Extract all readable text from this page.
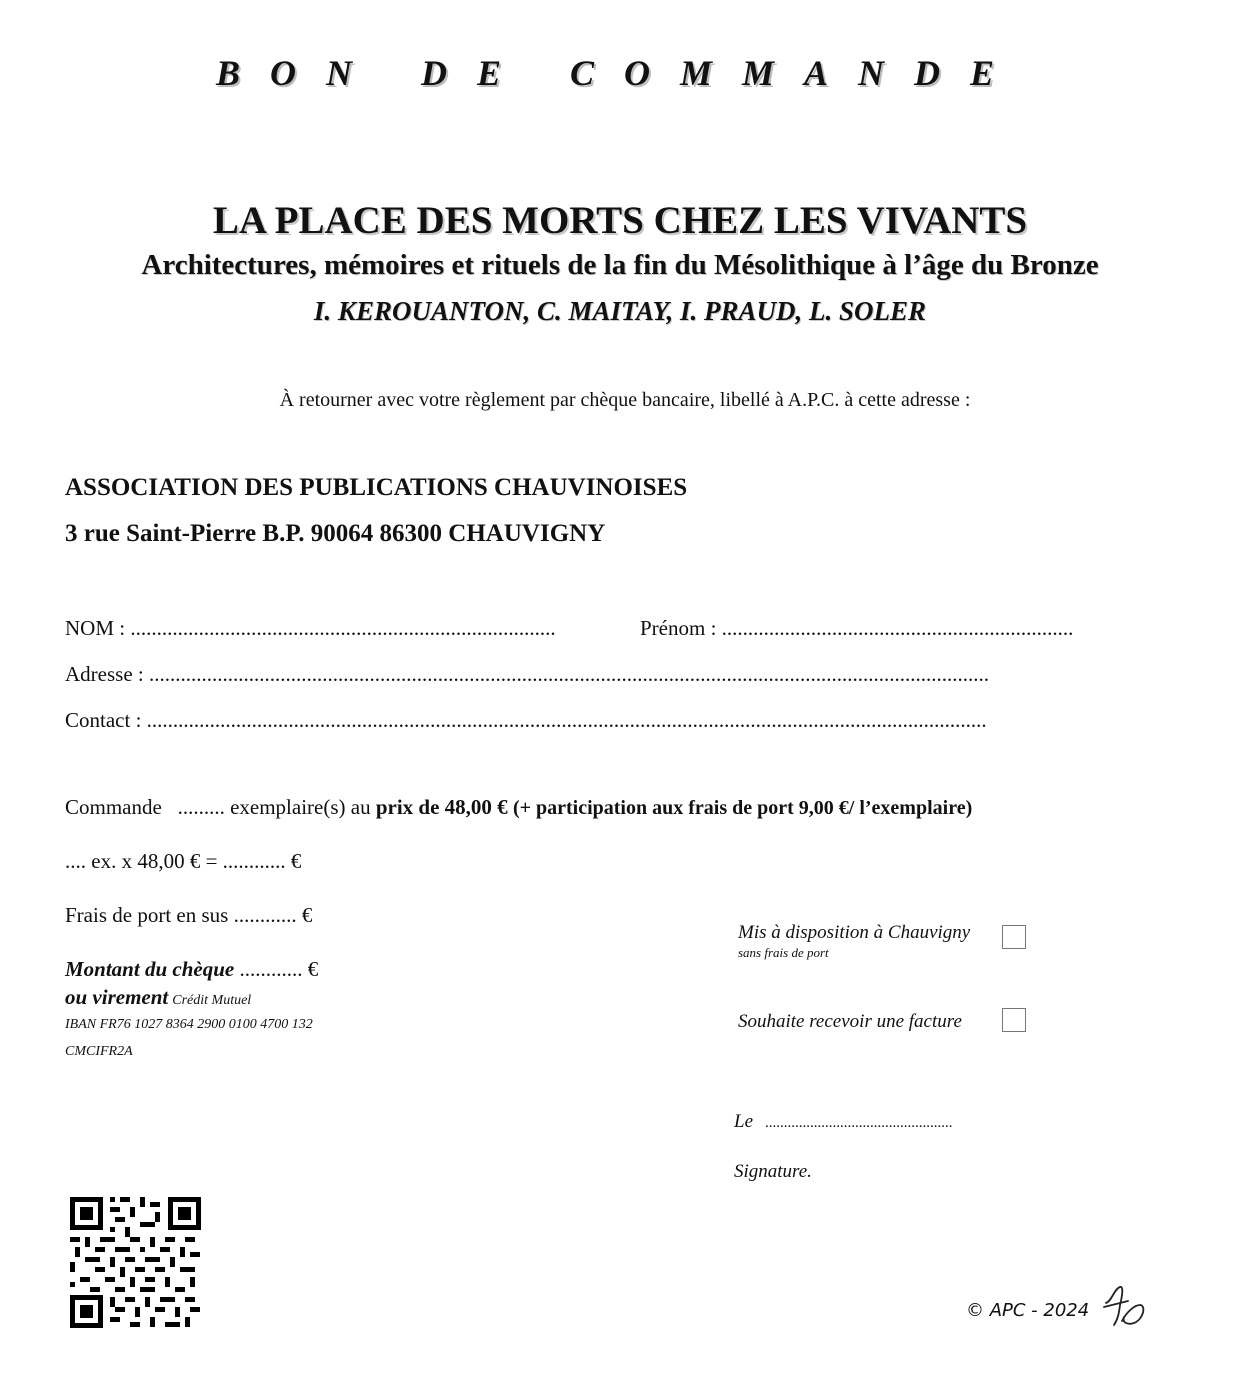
BON DE COMMANDE
LA PLACE DES MORTS CHEZ LES VIVANTS
Architectures, mémoires et rituels de la fin du Mésolithique à l’âge du Bronze
I. KEROUANTON, C. MAITAY, I. PRAUD, L. SOLER
À retourner avec votre règlement par chèque bancaire, libellé à A.P.C. à cette adresse :
ASSOCIATION DES PUBLICATIONS CHAUVINOISES
3 rue Saint-Pierre B.P. 90064 86300 CHAUVIGNY
NOM : .................................................................................	Prénom : ...................................................................
Adresse : ................................................................................................................................................................
Contact : ................................................................................................................................................................
Commande ......... exemplaire(s) au prix de 48,00 € (+ participation aux frais de port 9,00 €/ l’exemplaire)
.... ex. x 48,00 € = ............ €
Frais de port en sus ............ €
Montant du chèque ............ €
ou virement Crédit Mutuel
IBAN FR76 1027 8364 2900 0100 4700 132
CMCIFR2A
Mis à disposition à Chauvigny
sans frais de port
Souhaite recevoir une facture
Le ..................................................
Signature.
© APC - 2024
